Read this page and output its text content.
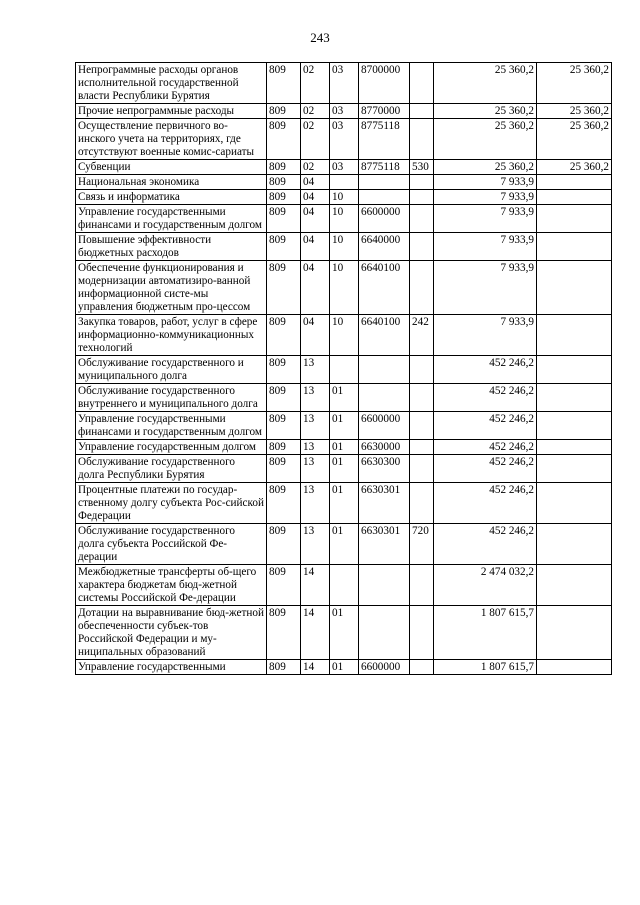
243
Непрограммные расходы органов исполнительной государственной власти Республики Бурятия	809	02	03	8700000		25 360,2	25 360,2
Прочие непрограммные расходы	809	02	03	8770000		25 360,2	25 360,2
Осуществление первичного во-инского учета на территориях, где отсутствуют военные комис-сариаты	809	02	03	8775118		25 360,2	25 360,2
Субвенции	809	02	03	8775118	530	25 360,2	25 360,2
Национальная экономика	809	04				7 933,9	
Связь и информатика	809	04	10			7 933,9	
Управление государственными финансами и государственным долгом	809	04	10	6600000		7 933,9	
Повышение эффективности бюджетных расходов	809	04	10	6640000		7 933,9	
Обеспечение функционирования и модернизации автоматизиро-ванной информационной систе-мы управления бюджетным про-цессом	809	04	10	6640100		7 933,9	
Закупка товаров, работ, услуг в сфере информационно-коммуникационных технологий	809	04	10	6640100	242	7 933,9	
Обслуживание государственного и муниципального долга	809	13				452 246,2	
Обслуживание государственного внутреннего и муниципального долга	809	13	01			452 246,2	
Управление государственными финансами и государственным долгом	809	13	01	6600000		452 246,2	
Управление государственным долгом	809	13	01	6630000		452 246,2	
Обслуживание государственного долга Республики Бурятия	809	13	01	6630300		452 246,2	
Процентные платежи по государ-ственному долгу субъекта Рос-сийской Федерации	809	13	01	6630301		452 246,2	
Обслуживание государственного долга субъекта Российской Фе-дерации	809	13	01	6630301	720	452 246,2	
Межбюджетные трансферты об-щего характера бюджетам бюд-жетной системы Российской Фе-дерации	809	14				2 474 032,2	
Дотации на выравнивание бюд-жетной обеспеченности субъек-тов Российской Федерации и му-ниципальных образований	809	14	01			1 807 615,7	
Управление государственными	809	14	01	6600000		1 807 615,7	
